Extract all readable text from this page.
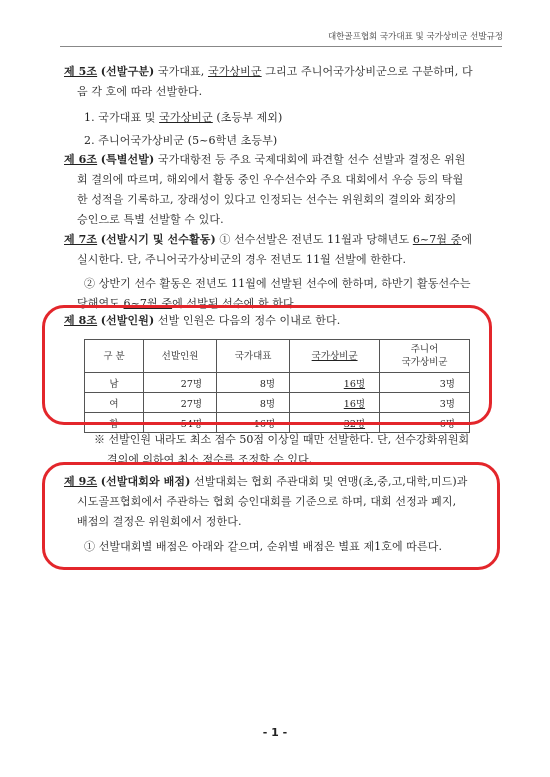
대한골프협회 국가대표 및 국가상비군 선발규정
제 5조 (선발구분) 국가대표, 국가상비군 그리고 주니어국가상비군으로 구분하며, 다
음 각 호에 따라 선발한다.
1. 국가대표 및 국가상비군 (초등부 제외)
2. 주니어국가상비군 (5~6학년 초등부)
제 6조 (특별선발) 국가대항전 등 주요 국제대회에 파견할 선수 선발과 결정은 위원
회 결의에 따르며, 해외에서 활동 중인 우수선수와 주요 대회에서 우승 등의 탁월
한 성적을 기록하고, 장래성이 있다고 인정되는 선수는 위원회의 결의와 회장의
승인으로 특별 선발할 수 있다.
제 7조 (선발시기 및 선수활동) ① 선수선발은 전년도 11월과 당해년도 6~7월 중에
실시한다. 단, 주니어국가상비군의 경우 전년도 11월 선발에 한한다.
② 상반기 선수 활동은 전년도 11월에 선발된 선수에 한하며, 하반기 활동선수는
당해연도 6~7월 중에 선발된 선수에 한 한다.
제 8조 (선발인원) 선발 인원은 다음의 정수 이내로 한다.
구 분	선발인원	국가대표	국가상비군	주니어
국가상비군
남	27명	8명	16명	3명
여	27명	8명	16명	3명
합	54명	16명	32명	6명
※ 선발인원 내라도 최소 점수 50점 이상일 때만 선발한다. 단, 선수강화위원회
결의에 의하여 최소 점수를 조정할 수 있다.
제 9조 (선발대회와 배점) 선발대회는 협회 주관대회 및 연맹(초,중,고,대학,미드)과
시도골프협회에서 주관하는 협회 승인대회를 기준으로 하며, 대회 선정과 폐지,
배점의 결정은 위원회에서 정한다.
① 선발대회별 배점은 아래와 같으며, 순위별 배점은 별표 제1호에 따른다.
- 1 -
